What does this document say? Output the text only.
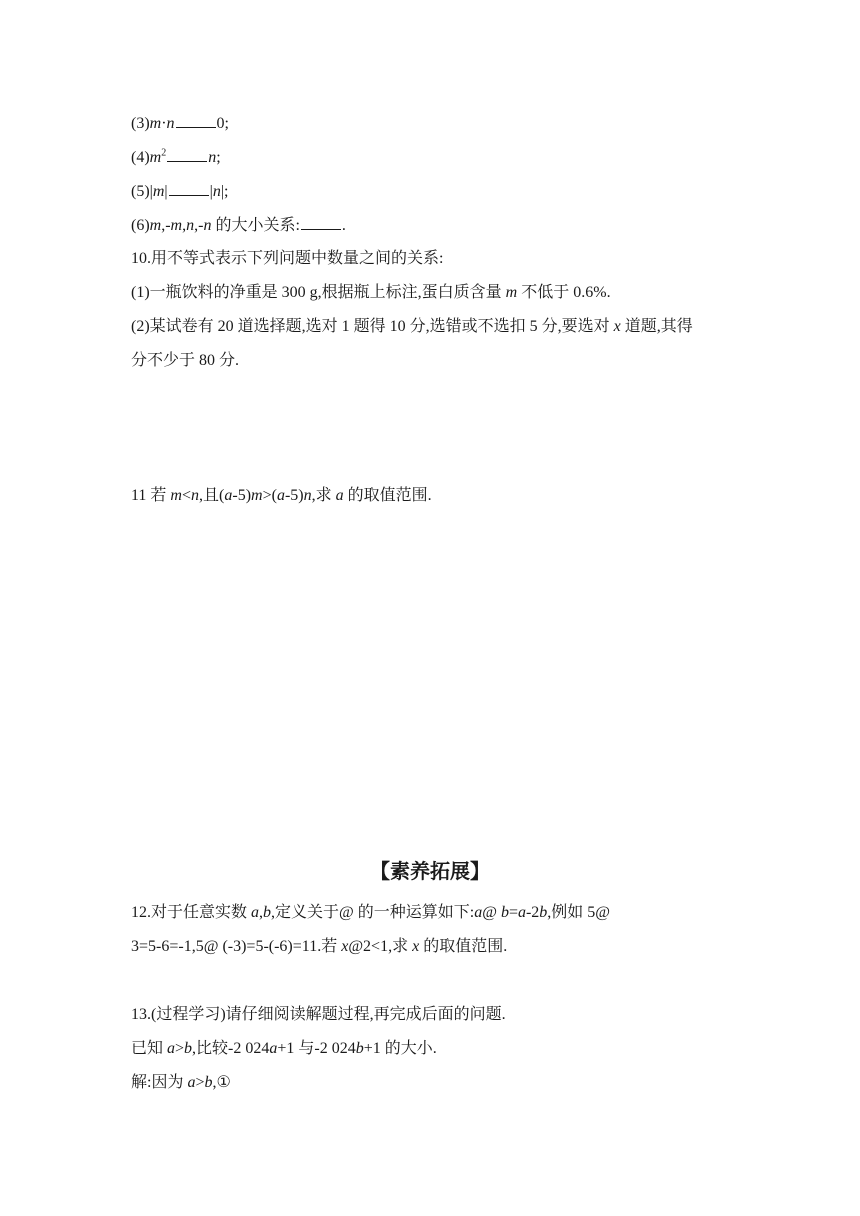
(3)m·n	0;
$(4)m^2$	n;
(5)|m|	|n|;
(6)m,-m,n,-n 的大小关系:	.
10.用不等式表示下列问题中数量之间的关系:
(1)一瓶饮料的净重是 300 g,根据瓶上标注,蛋白质含量 m 不低于 0.6%.
(2)某试卷有 20 道选择题,选对 1 题得 10 分,选错或不选扣 5 分,要选对 x 道题,其得
分不少于 80 分.
11 若 m<n,且(a-5)m>(a-5)n,求 a 的取值范围.
【素养拓展】
12.对于任意实数 a,b,定义关于@ 的一种运算如下:a@ b=a-2b,例如 5@
3=5-6=-1,5@ (-3)=5-(-6)=11.若 x@2<1,求 x 的取值范围.
13.(过程学习)请仔细阅读解题过程,再完成后面的问题.
已知 a>b,比较-2 024a+1 与-2 024b+1 的大小.
解:因为 a>b,①
